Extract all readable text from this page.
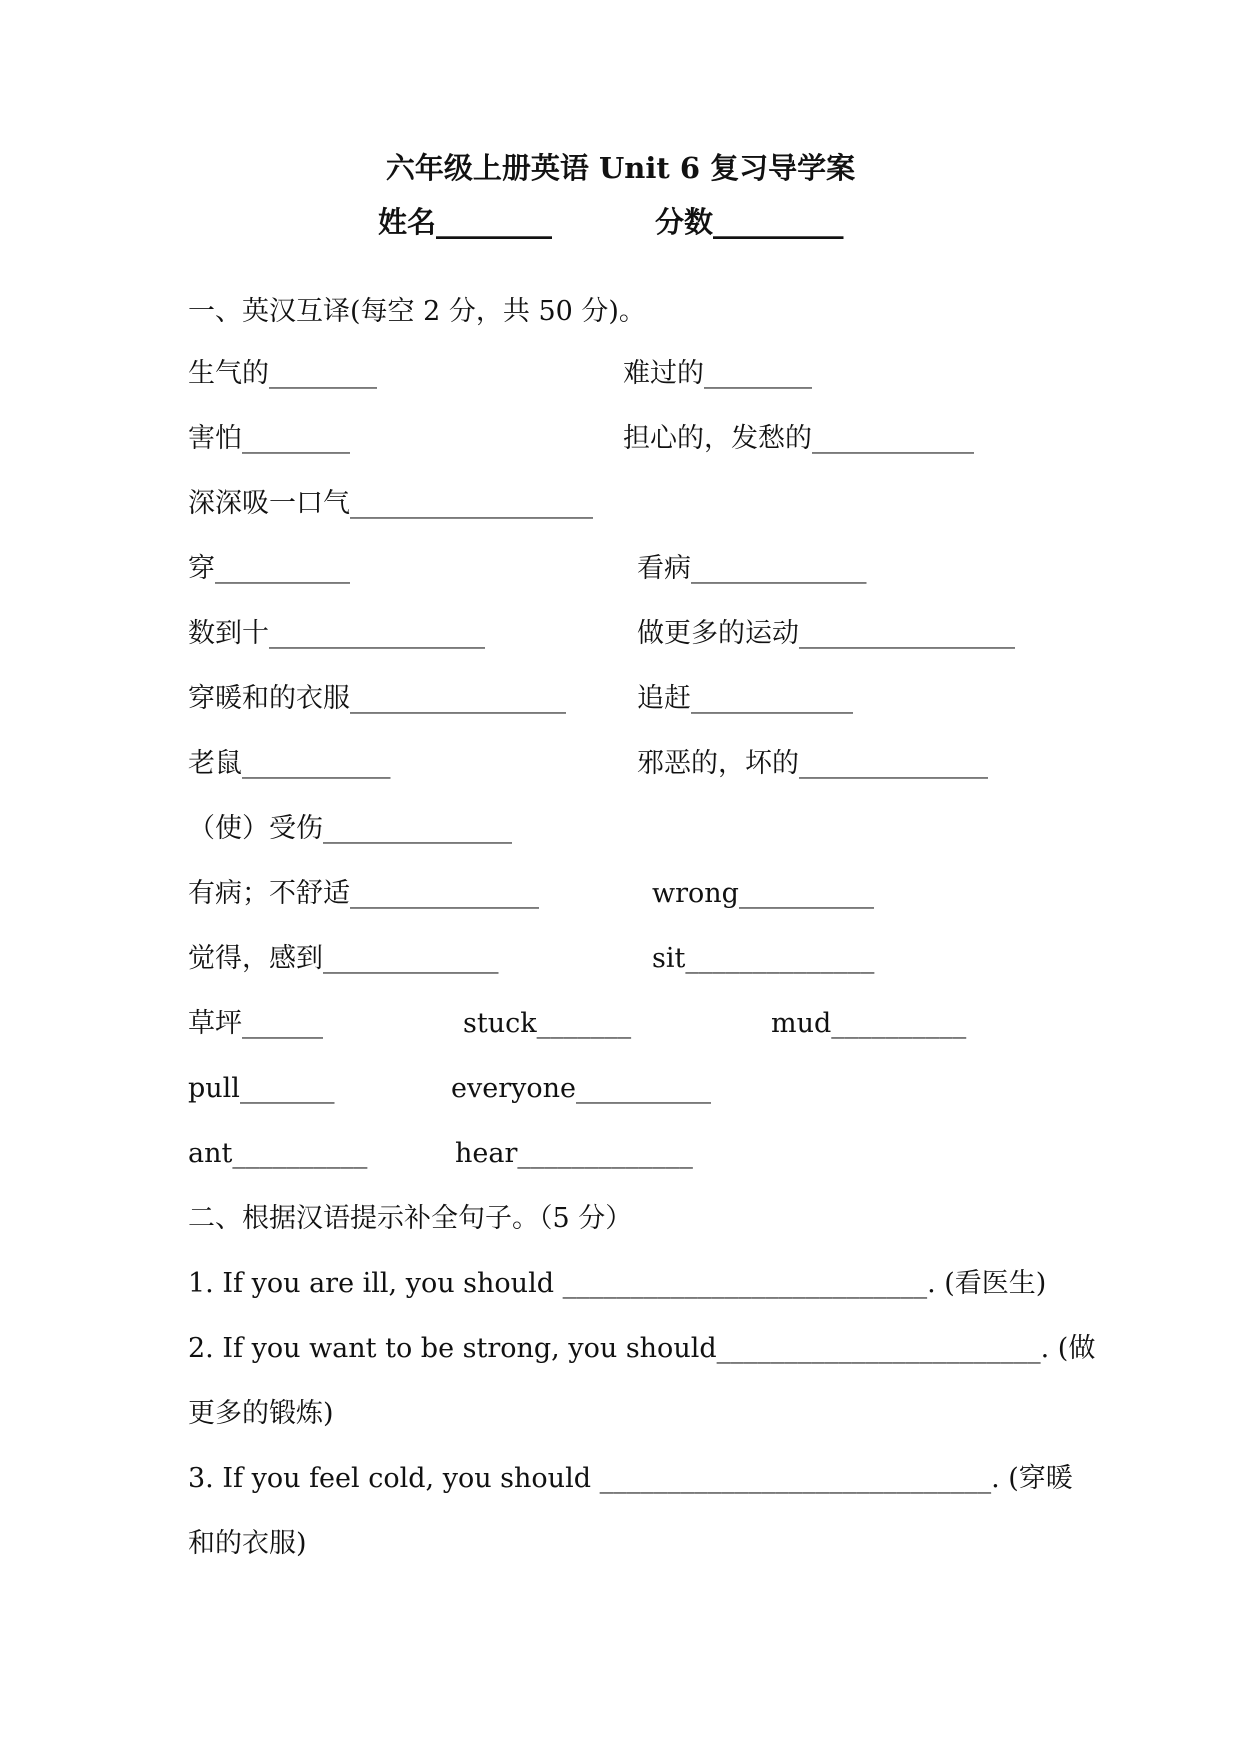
六年级上册英语 Unit 6 复习导学案
姓名________	分数_________
一、英汉互译(每空 2 分，共 50 分)。
生气的________	难过的________
害怕________	担心的，发愁的____________
深深吸一口气__________________
穿__________	看病_____________
数到十________________	做更多的运动________________
穿暖和的衣服________________	追赶____________
老鼠___________	邪恶的，坏的______________
（使）受伤______________
有病；不舒适______________	wrong__________
觉得，感到_____________	sit______________
草坪______	stuck_______	mud__________
pull_______	everyone__________
ant__________	hear_____________
二、根据汉语提示补全句子。（5 分）
1. If you are ill, you should ___________________________. (看医生)
2. If you want to be strong, you should________________________. (做
更多的锻炼)
3. If you feel cold, you should _____________________________. (穿暖
和的衣服)
